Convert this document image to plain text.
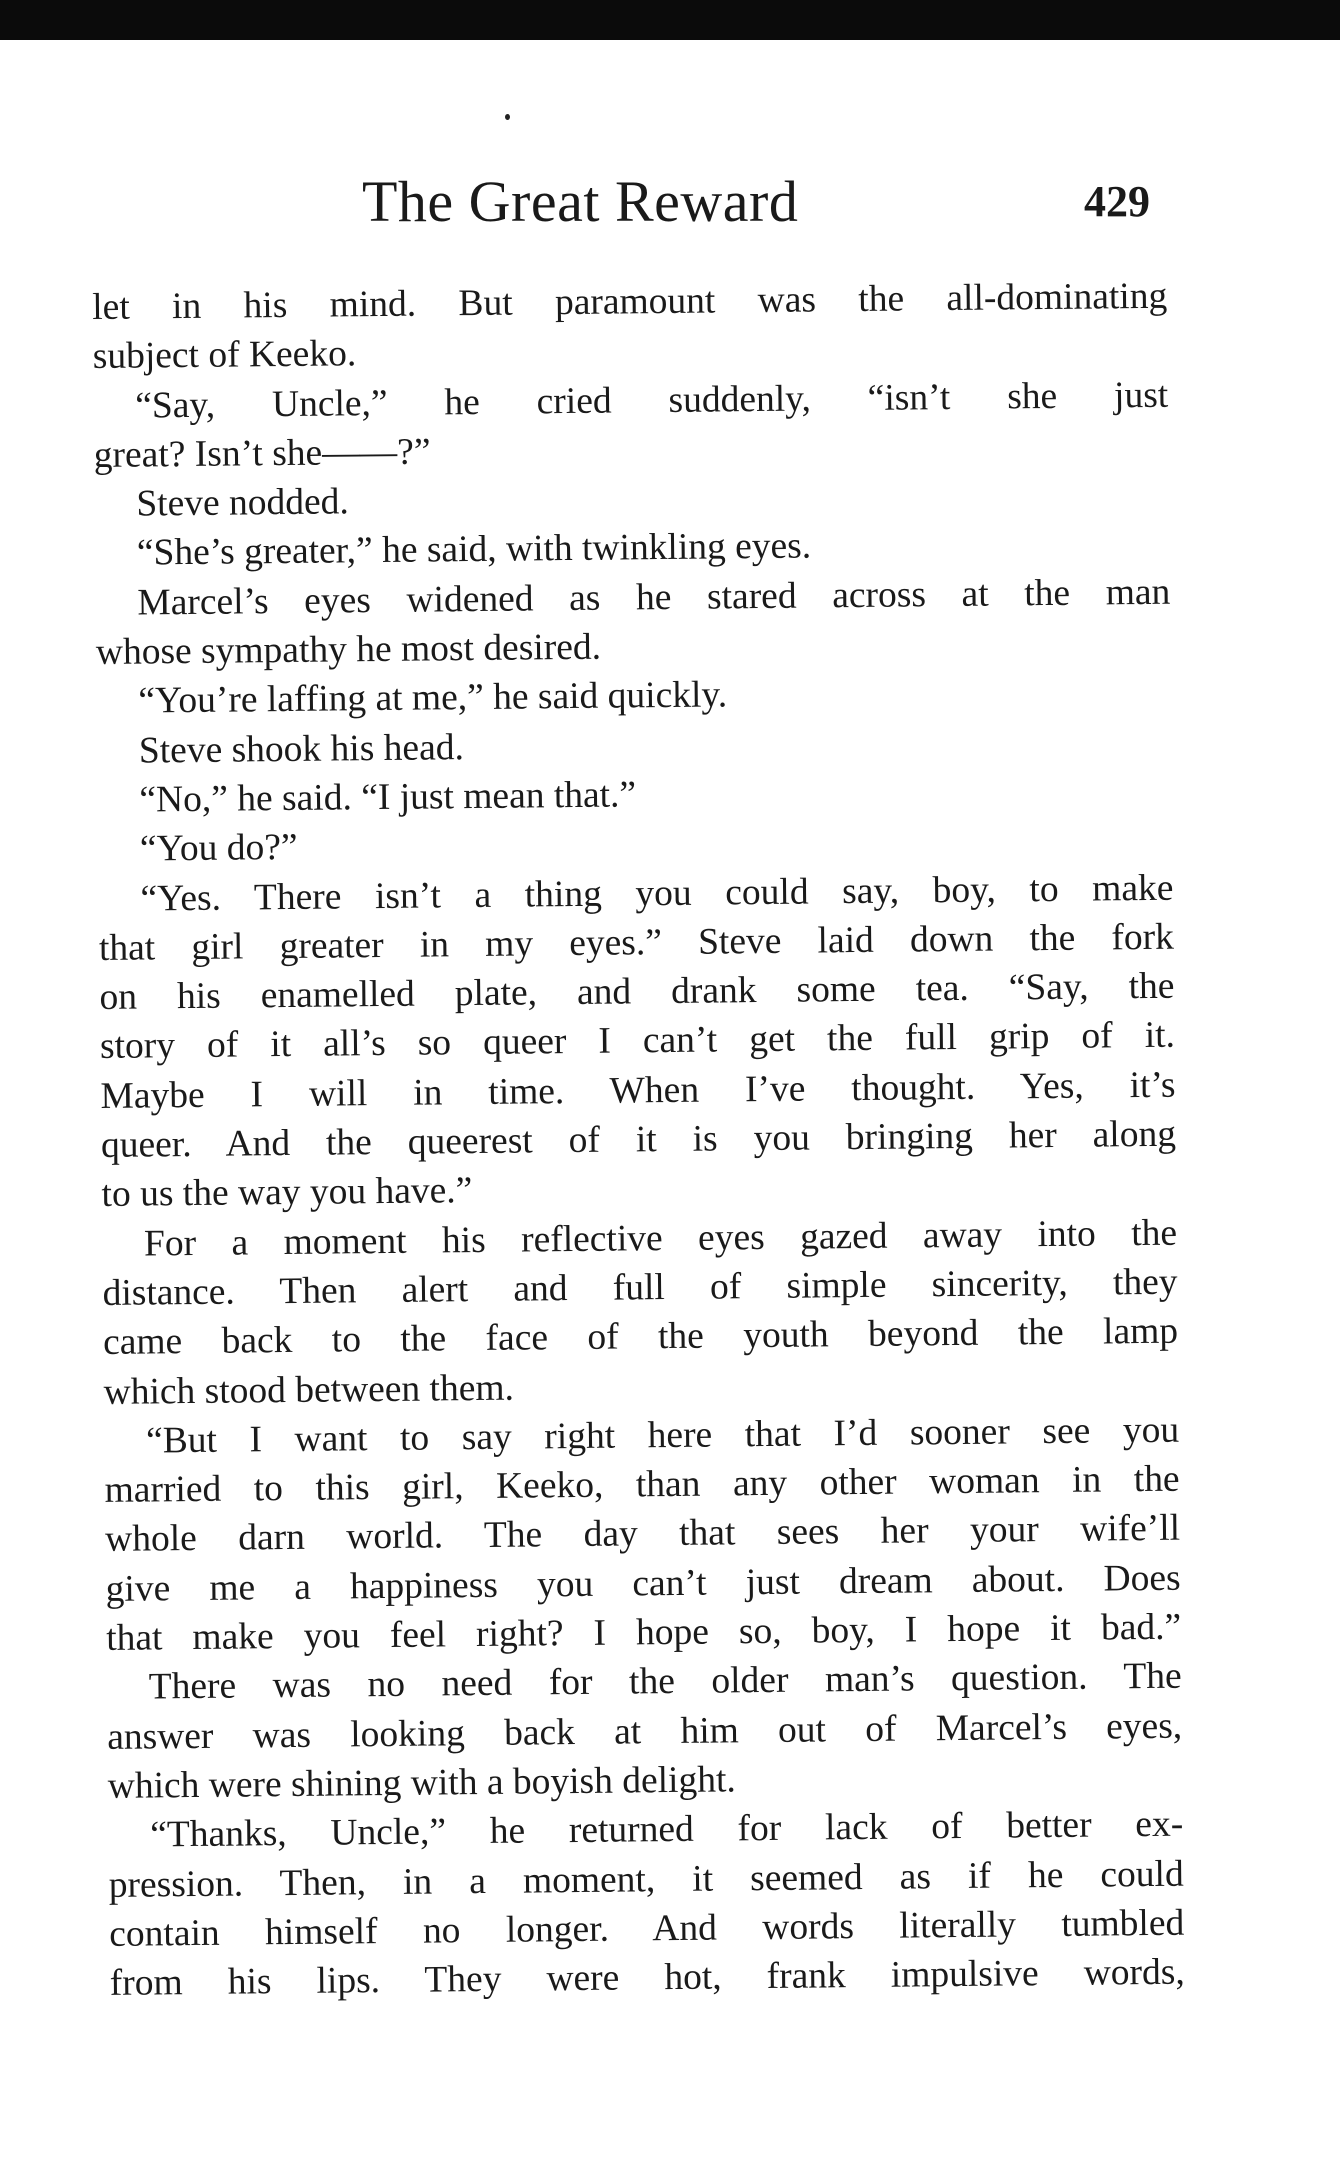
The Great Reward	429
let in his mind. But paramount was the all-dominating
subject of Keeko.
“Say, Uncle,” he cried suddenly, “isn’t she just
great? Isn’t she——?”
Steve nodded.
“She’s greater,” he said, with twinkling eyes.
Marcel’s eyes widened as he stared across at the man
whose sympathy he most desired.
“You’re laffing at me,” he said quickly.
Steve shook his head.
“No,” he said. “I just mean that.”
“You do?”
“Yes. There isn’t a thing you could say, boy, to make
that girl greater in my eyes.” Steve laid down the fork
on his enamelled plate, and drank some tea. “Say, the
story of it all’s so queer I can’t get the full grip of it.
Maybe I will in time. When I’ve thought. Yes, it’s
queer. And the queerest of it is you bringing her along
to us the way you have.”
For a moment his reflective eyes gazed away into the
distance. Then alert and full of simple sincerity, they
came back to the face of the youth beyond the lamp
which stood between them.
“But I want to say right here that I’d sooner see you
married to this girl, Keeko, than any other woman in the
whole darn world. The day that sees her your wife’ll
give me a happiness you can’t just dream about. Does
that make you feel right? I hope so, boy, I hope it bad.”
There was no need for the older man’s question. The
answer was looking back at him out of Marcel’s eyes,
which were shining with a boyish delight.
“Thanks, Uncle,” he returned for lack of better ex-
pression. Then, in a moment, it seemed as if he could
contain himself no longer. And words literally tumbled
from his lips. They were hot, frank impulsive words,
